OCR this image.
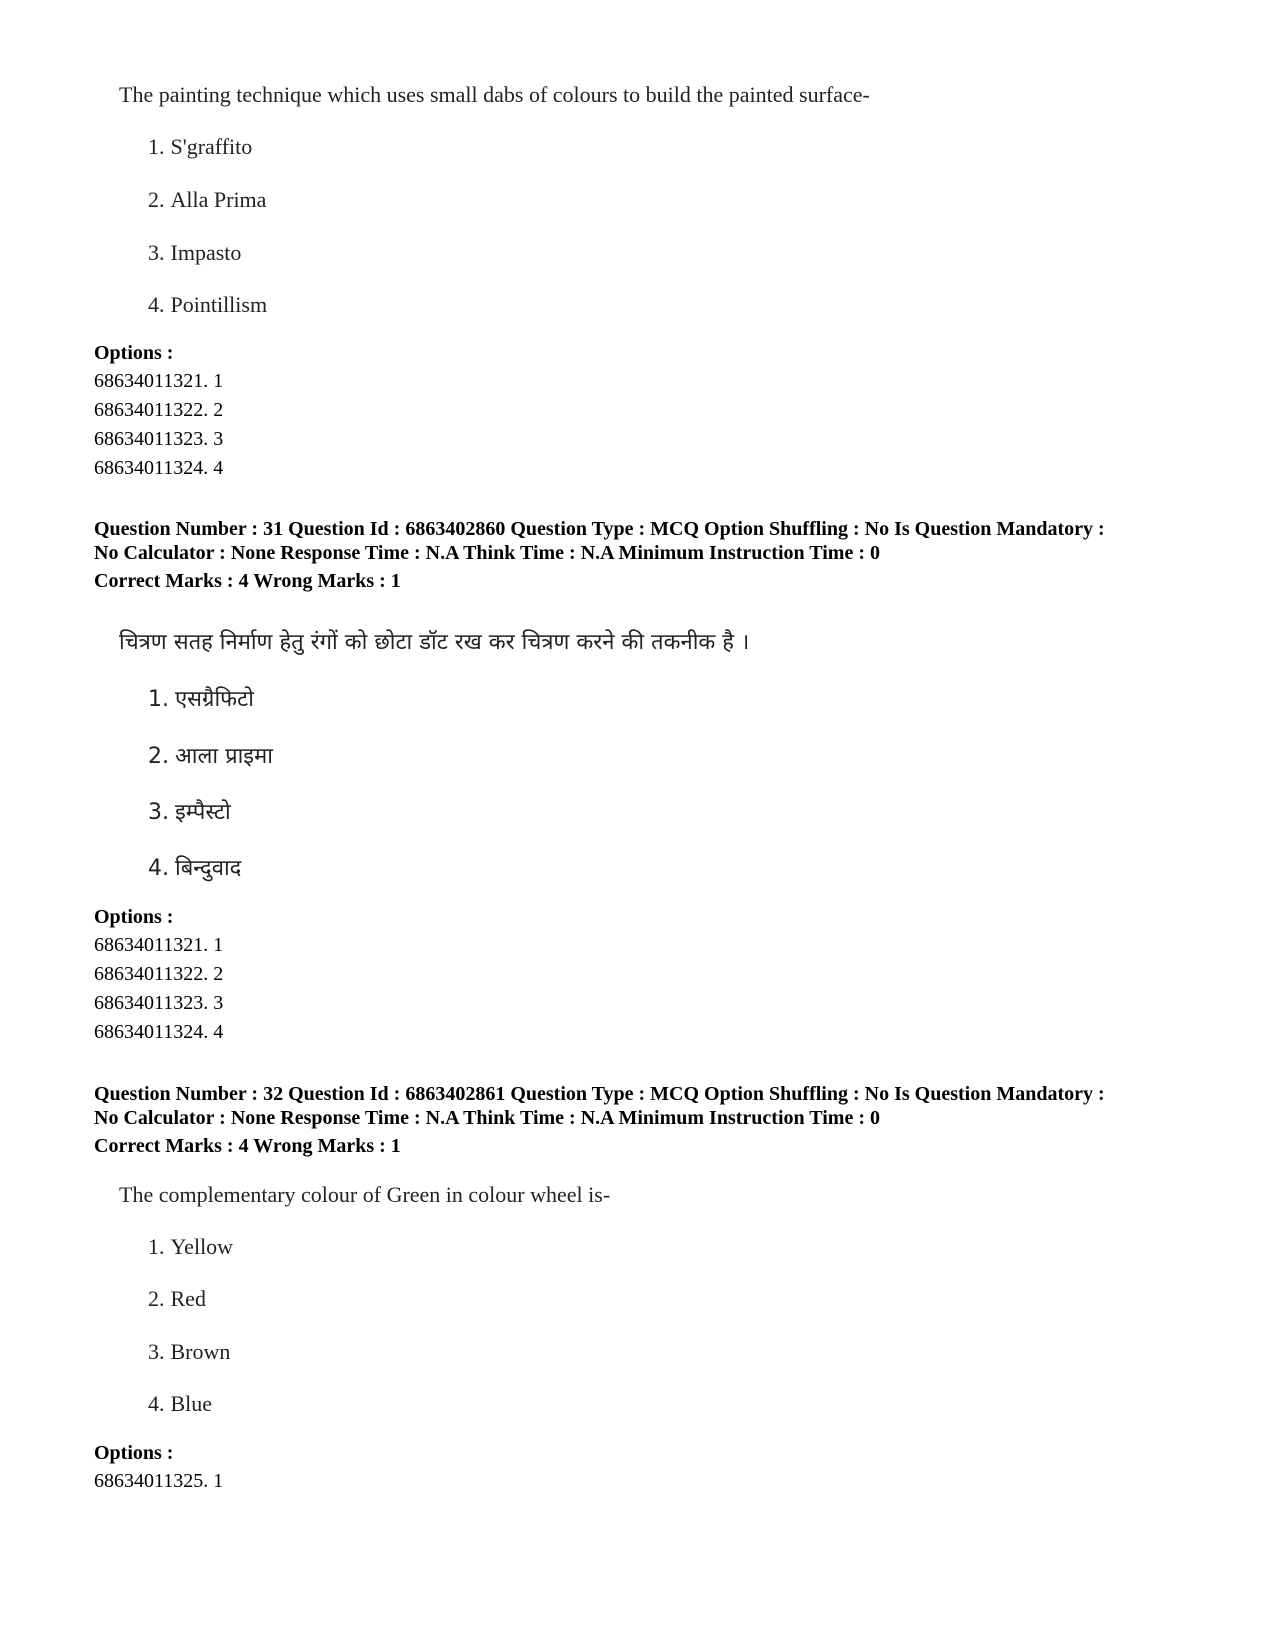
The painting technique which uses small dabs of colours to build the painted surface-
1. S'graffito
2. Alla Prima
3. Impasto
4. Pointillism
Options :
68634011321. 1
68634011322. 2
68634011323. 3
68634011324. 4
Question Number : 31 Question Id : 6863402860 Question Type : MCQ Option Shuffling : No Is Question Mandatory :
No Calculator : None Response Time : N.A Think Time : N.A Minimum Instruction Time : 0
Correct Marks : 4 Wrong Marks : 1
चित्रण सतह निर्माण हेतु रंगों को छोटा डॉट रख कर चित्रण करने की तकनीक है ।
1. एसग्रैफिटो
2. आला प्राइमा
3. इम्पैस्टो
4. बिन्दुवाद
Options :
68634011321. 1
68634011322. 2
68634011323. 3
68634011324. 4
Question Number : 32 Question Id : 6863402861 Question Type : MCQ Option Shuffling : No Is Question Mandatory :
No Calculator : None Response Time : N.A Think Time : N.A Minimum Instruction Time : 0
Correct Marks : 4 Wrong Marks : 1
The complementary colour of Green in colour wheel is-
1. Yellow
2. Red
3. Brown
4. Blue
Options :
68634011325. 1
